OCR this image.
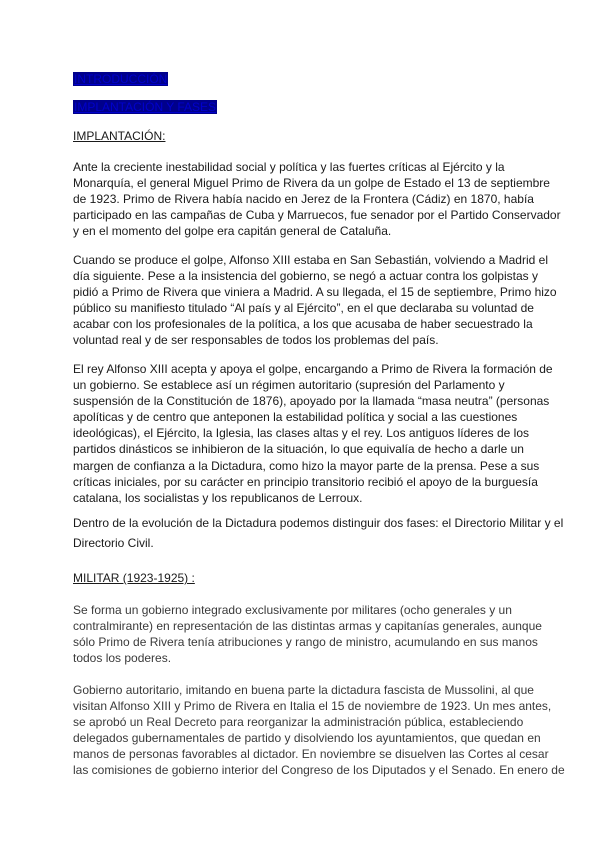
INTRODUCCIÓN
IMPLANTACIÓN Y FASES
IMPLANTACIÓN:
Ante la creciente inestabilidad social y política y las fuertes críticas al Ejército y la
Monarquía, el general Miguel Primo de Rivera da un golpe de Estado el 13 de septiembre
de 1923. Primo de Rivera había nacido en Jerez de la Frontera (Cádiz) en 1870, había
participado en las campañas de Cuba y Marruecos, fue senador por el Partido Conservador
y en el momento del golpe era capitán general de Cataluña.
Cuando se produce el golpe, Alfonso XIII estaba en San Sebastián, volviendo a Madrid el
día siguiente. Pese a la insistencia del gobierno, se negó a actuar contra los golpistas y
pidió a Primo de Rivera que viniera a Madrid. A su llegada, el 15 de septiembre, Primo hizo
público su manifiesto titulado “Al país y al Ejército”, en el que declaraba su voluntad de
acabar con los profesionales de la política, a los que acusaba de haber secuestrado la
voluntad real y de ser responsables de todos los problemas del país.
El rey Alfonso XIII acepta y apoya el golpe, encargando a Primo de Rivera la formación de
un gobierno. Se establece así un régimen autoritario (supresión del Parlamento y
suspensión de la Constitución de 1876), apoyado por la llamada “masa neutra” (personas
apolíticas y de centro que anteponen la estabilidad política y social a las cuestiones
ideológicas), el Ejército, la Iglesia, las clases altas y el rey. Los antiguos líderes de los
partidos dinásticos se inhibieron de la situación, lo que equivalía de hecho a darle un
margen de confianza a la Dictadura, como hizo la mayor parte de la prensa. Pese a sus
críticas iniciales, por su carácter en principio transitorio recibió el apoyo de la burguesía
catalana, los socialistas y los republicanos de Lerroux.
Dentro de la evolución de la Dictadura podemos distinguir dos fases: el Directorio Militar y el
Directorio Civil.
MILITAR (1923-1925) :
Se forma un gobierno integrado exclusivamente por militares (ocho generales y un
contralmirante) en representación de las distintas armas y capitanías generales, aunque
sólo Primo de Rivera tenía atribuciones y rango de ministro, acumulando en sus manos
todos los poderes.
Gobierno autoritario, imitando en buena parte la dictadura fascista de Mussolini, al que
visitan Alfonso XIII y Primo de Rivera en Italia el 15 de noviembre de 1923. Un mes antes,
se aprobó un Real Decreto para reorganizar la administración pública, estableciendo
delegados gubernamentales de partido y disolviendo los ayuntamientos, que quedan en
manos de personas favorables al dictador. En noviembre se disuelven las Cortes al cesar
las comisiones de gobierno interior del Congreso de los Diputados y el Senado. En enero de
